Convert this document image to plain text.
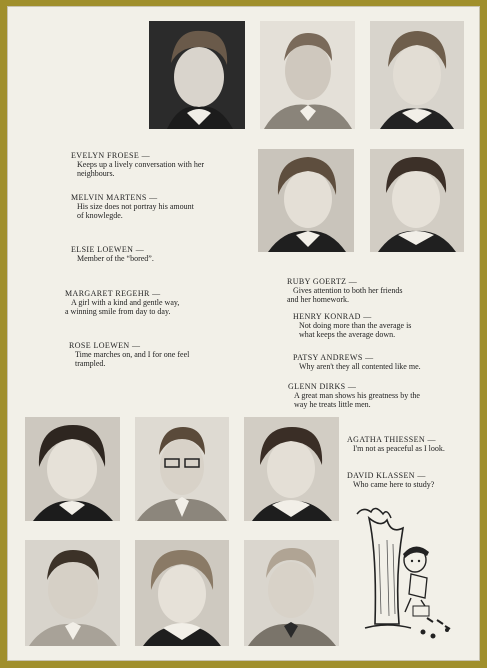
EVELYN FROESE —
Keeps up a lively conversation with her
neighbours.
MELVIN MARTENS —
His size does not portray his amount
of knowlegde.
ELSIE LOEWEN —
Member of the “bored”.
MARGARET REGEHR —
A girl with a kind and gentle way,
a winning smile from day to day.
ROSE LOEWEN —
Time marches on, and I for one feel
trampled.
RUBY GOERTZ —
Gives attention to both her friends
and her homework.
HENRY KONRAD —
Not doing more than the average is
what keeps the average down.
PATSY ANDREWS —
Why aren't they all contented like me.
GLENN DIRKS —
A great man shows his greatness by the
way he treats little men.
AGATHA THIESSEN —
I'm not as peaceful as I look.
DAVID KLASSEN —
Who came here to study?
